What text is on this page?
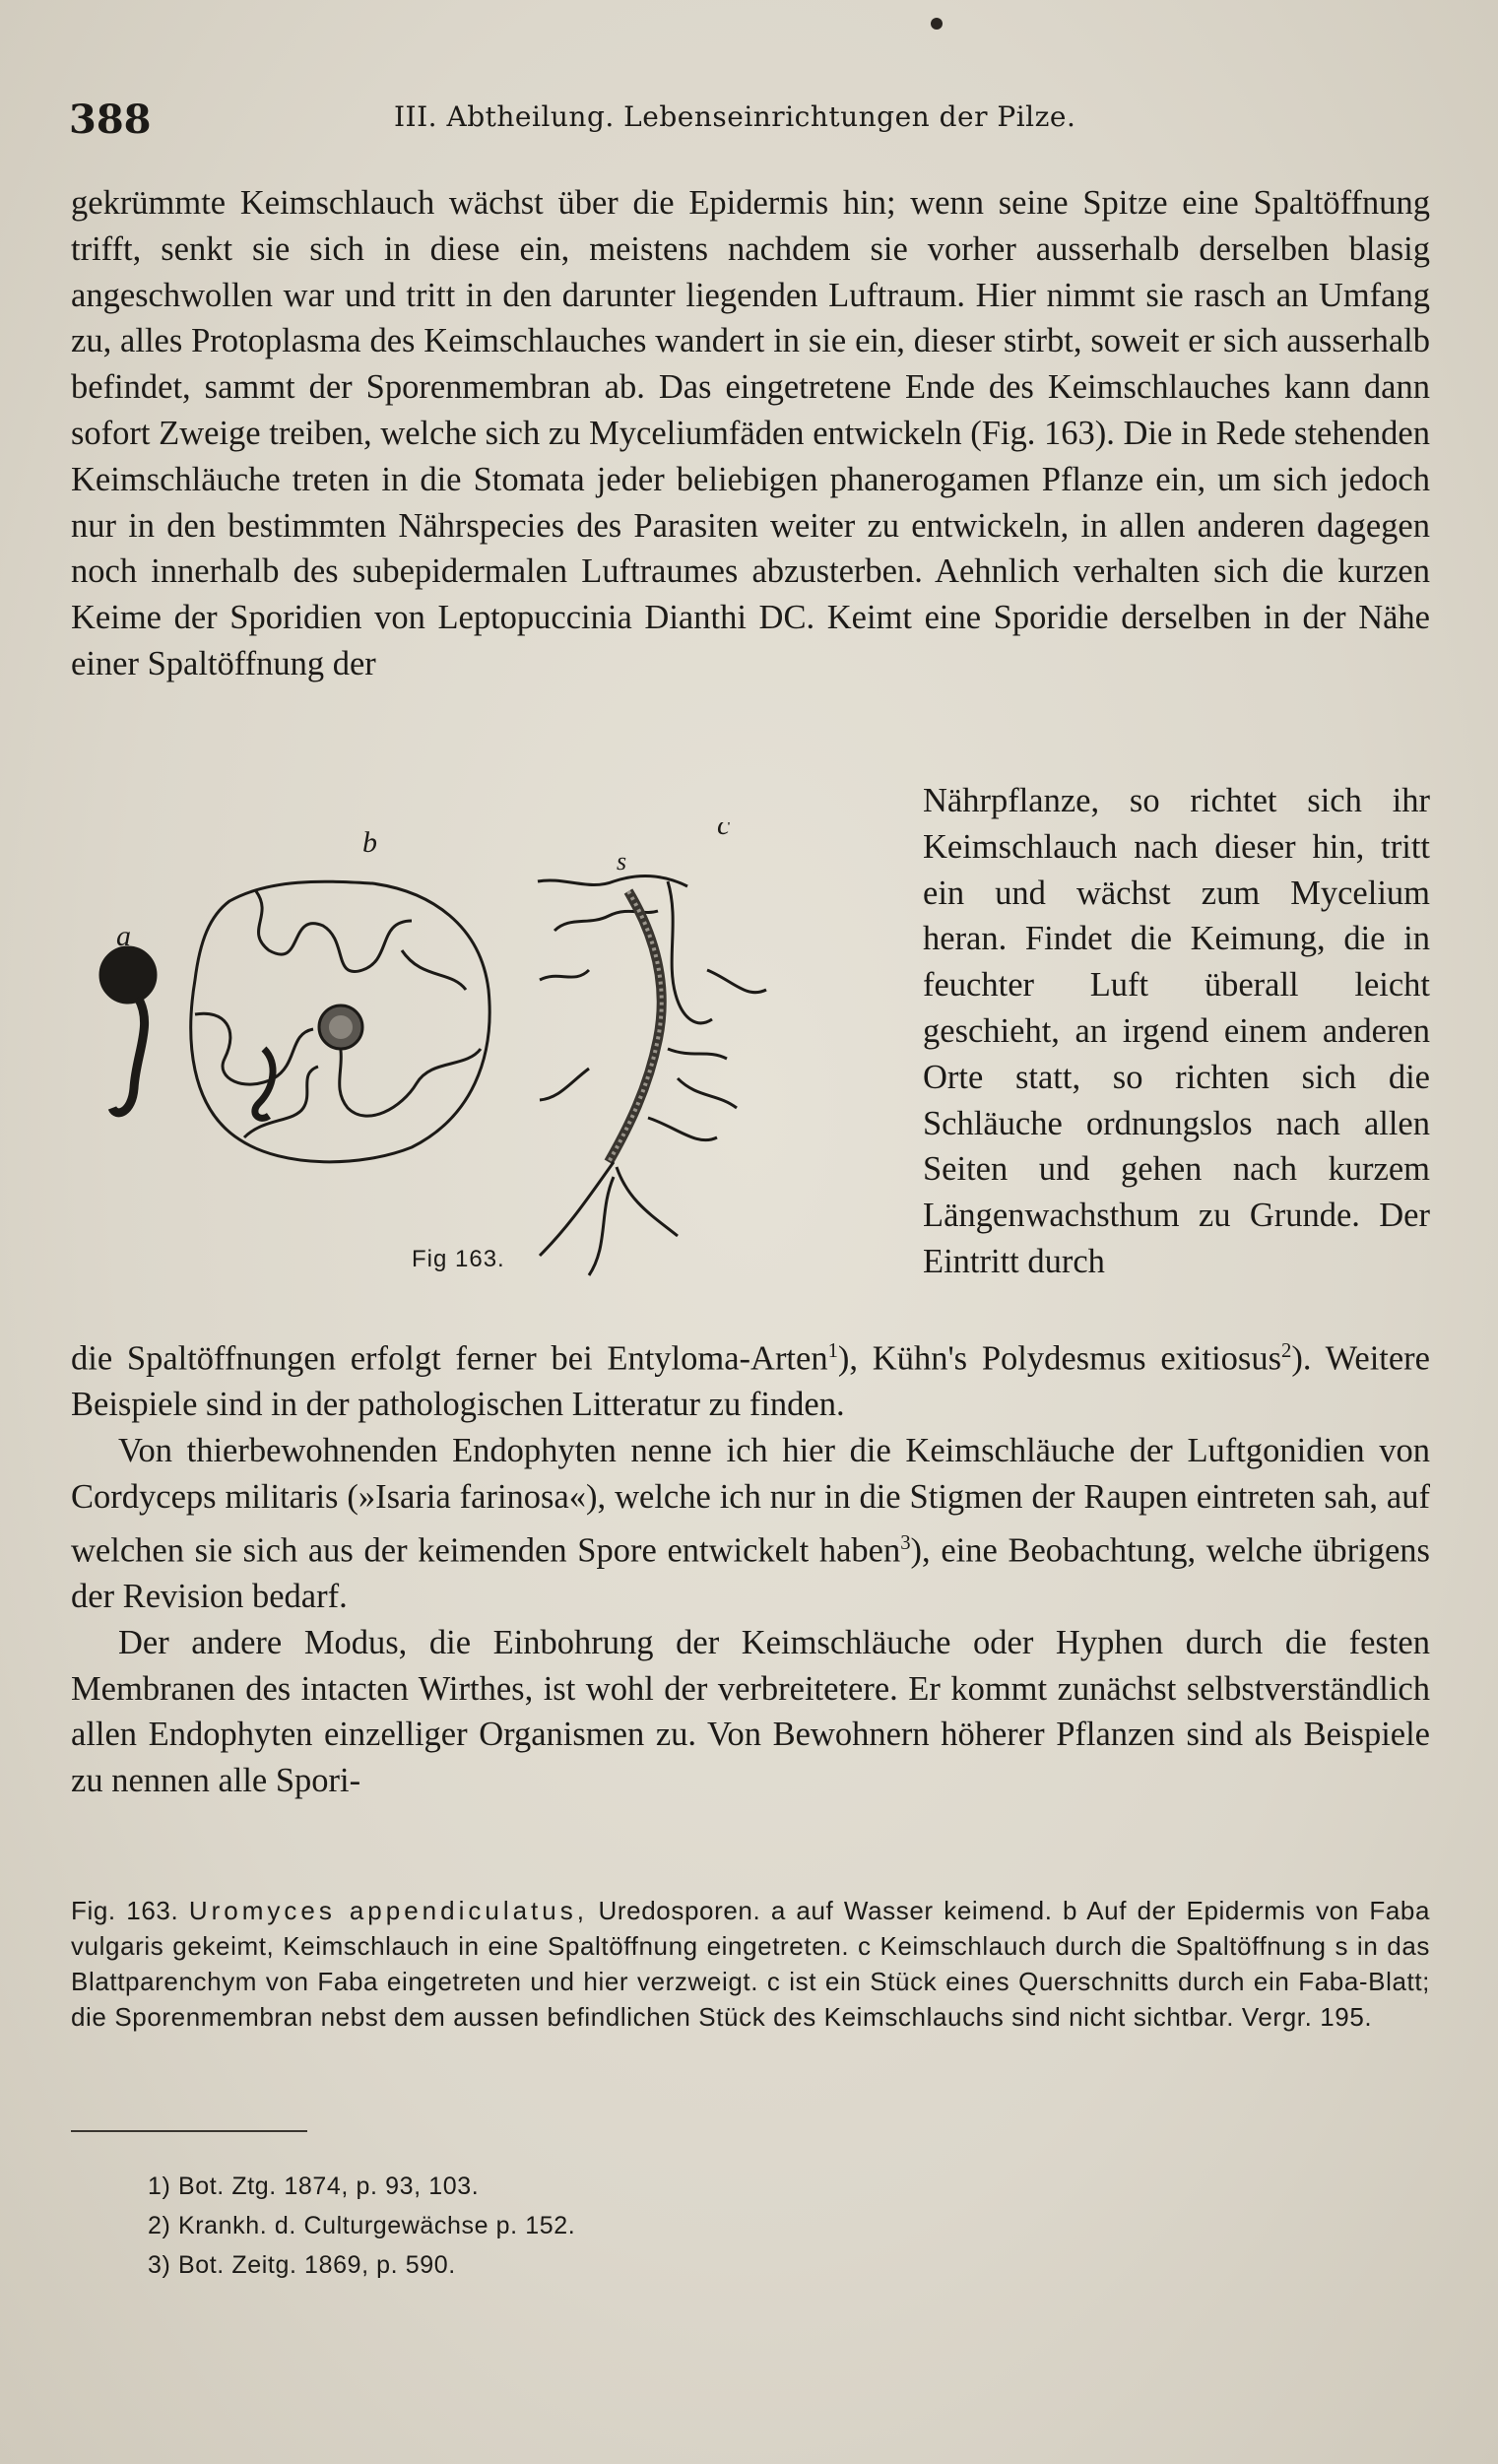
388	III. Abtheilung. Lebenseinrichtungen der Pilze.

gekrümmte Keimschlauch wächst über die Epidermis hin; wenn seine Spitze eine Spaltöffnung trifft, senkt sie sich in diese ein, meistens nachdem sie vorher ausserhalb derselben blasig angeschwollen war und tritt in den darunter liegenden Luftraum. Hier nimmt sie rasch an Umfang zu, alles Protoplasma des Keimschlauches wandert in sie ein, dieser stirbt, soweit er sich ausserhalb befindet, sammt der Sporenmembran ab. Das eingetretene Ende des Keimschlauches kann dann sofort Zweige treiben, welche sich zu Myceliumfäden entwickeln (Fig. 163). Die in Rede stehenden Keimschläuche treten in die Stomata jeder beliebigen phanerogamen Pflanze ein, um sich jedoch nur in den bestimmten Nährspecies des Parasiten weiter zu entwickeln, in allen anderen dagegen noch innerhalb des subepidermalen Luftraumes abzusterben. Aehnlich verhalten sich die kurzen Keime der Sporidien von Leptopuccinia Dianthi DC. Keimt eine Sporidie derselben in der Nähe einer Spaltöffnung der

a
b
c
s
Fig 163.

Nährpflanze, so richtet sich ihr Keimschlauch nach dieser hin, tritt ein und wächst zum Mycelium heran. Findet die Keimung, die in feuchter Luft überall leicht geschieht, an irgend einem anderen Orte statt, so richten sich die Schläuche ordnungslos nach allen Seiten und gehen nach kurzem Längenwachsthum zu Grunde. Der Eintritt durch

die Spaltöffnungen erfolgt ferner bei Entyloma-Arten$^1$), Kühn's Polydesmus exitiosus$^2$). Weitere Beispiele sind in der pathologischen Litteratur zu finden.

Von thierbewohnenden Endophyten nenne ich hier die Keimschläuche der Luftgonidien von Cordyceps militaris (»Isaria farinosa«), welche ich nur in die Stigmen der Raupen eintreten sah, auf welchen sie sich aus der keimenden Spore entwickelt haben$^3$), eine Beobachtung, welche übrigens der Revision bedarf.

Der andere Modus, die Einbohrung der Keimschläuche oder Hyphen durch die festen Membranen des intacten Wirthes, ist wohl der verbreitetere. Er kommt zunächst selbstverständlich allen Endophyten einzelliger Organismen zu. Von Bewohnern höherer Pflanzen sind als Beispiele zu nennen alle Spori-

Fig. 163. Uromyces appendiculatus, Uredosporen. a auf Wasser keimend. b Auf der Epidermis von Faba vulgaris gekeimt, Keimschlauch in eine Spaltöffnung eingetreten. c Keimschlauch durch die Spaltöffnung s in das Blattparenchym von Faba eingetreten und hier verzweigt. c ist ein Stück eines Querschnitts durch ein Faba-Blatt; die Sporenmembran nebst dem aussen befindlichen Stück des Keimschlauchs sind nicht sichtbar. Vergr. 195.

1) Bot. Ztg. 1874, p. 93, 103.
2) Krankh. d. Culturgewächse p. 152.
3) Bot. Zeitg. 1869, p. 590.
